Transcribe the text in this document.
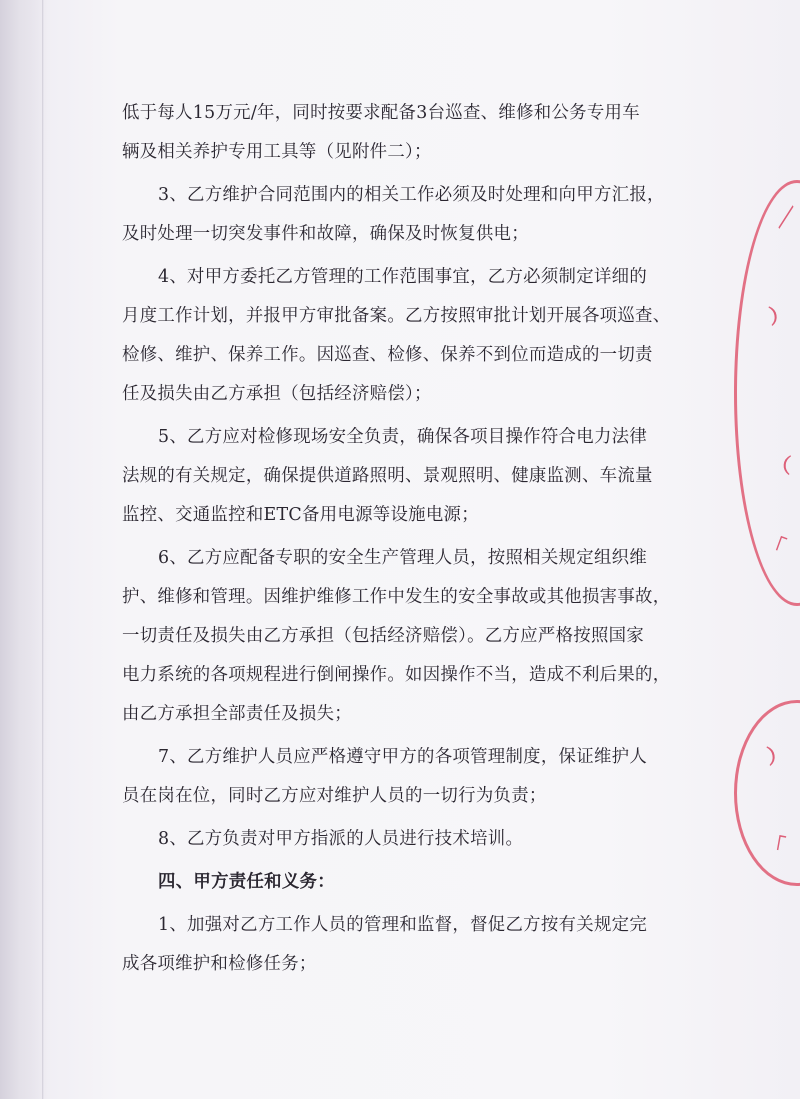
低于每人15万元/年，同时按要求配备3台巡查、维修和公务专用车
辆及相关养护专用工具等（见附件二）；
3、乙方维护合同范围内的相关工作必须及时处理和向甲方汇报，
及时处理一切突发事件和故障，确保及时恢复供电；
4、对甲方委托乙方管理的工作范围事宜，乙方必须制定详细的
月度工作计划，并报甲方审批备案。乙方按照审批计划开展各项巡查、
检修、维护、保养工作。因巡查、检修、保养不到位而造成的一切责
任及损失由乙方承担（包括经济赔偿）；
5、乙方应对检修现场安全负责，确保各项目操作符合电力法律
法规的有关规定，确保提供道路照明、景观照明、健康监测、车流量
监控、交通监控和ETC备用电源等设施电源；
6、乙方应配备专职的安全生产管理人员，按照相关规定组织维
护、维修和管理。因维护维修工作中发生的安全事故或其他损害事故，
一切责任及损失由乙方承担（包括经济赔偿）。乙方应严格按照国家
电力系统的各项规程进行倒闸操作。如因操作不当，造成不利后果的，
由乙方承担全部责任及损失；
7、乙方维护人员应严格遵守甲方的各项管理制度，保证维护人
员在岗在位，同时乙方应对维护人员的一切行为负责；
8、乙方负责对甲方指派的人员进行技术培训。
四、甲方责任和义务：
1、加强对乙方工作人员的管理和监督，督促乙方按有关规定完
成各项维护和检修任务；
╲
︵
︶
﹂
︵
﹂
